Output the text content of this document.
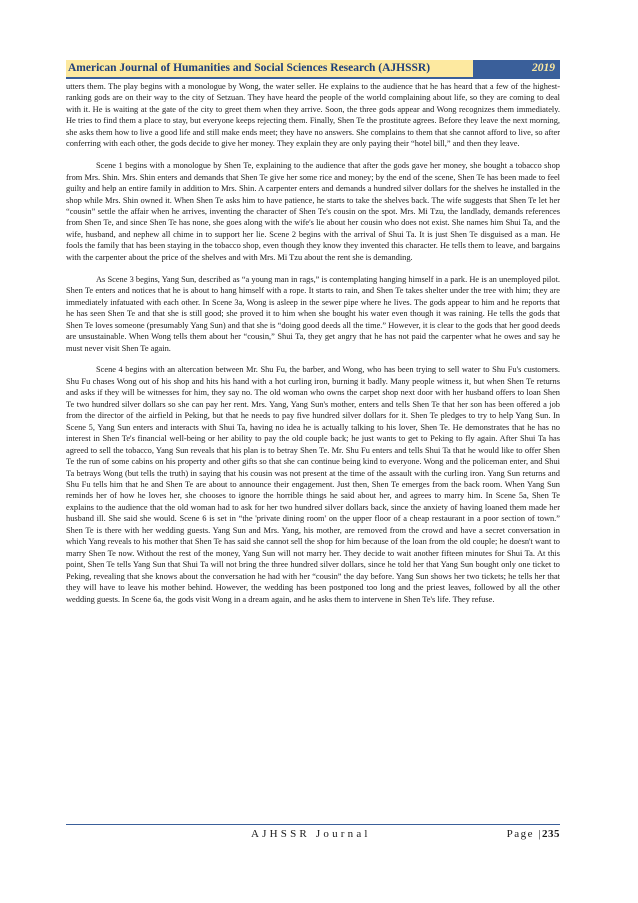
American Journal of Humanities and Social Sciences Research (AJHSSR)	2019

utters them. The play begins with a monologue by Wong, the water seller. He explains to the audience that he has heard that a few of the highest-ranking gods are on their way to the city of Setzuan. They have heard the people of the world complaining about life, so they are coming to deal with it. He is waiting at the gate of the city to greet them when they arrive. Soon, the three gods appear and Wong recognizes them immediately. He tries to find them a place to stay, but everyone keeps rejecting them. Finally, Shen Te the prostitute agrees. Before they leave the next morning, she asks them how to live a good life and still make ends meet; they have no answers. She complains to them that she cannot afford to live, so after conferring with each other, the gods decide to give her money. They explain they are only paying their “hotel bill,” and then they leave.

Scene 1 begins with a monologue by Shen Te, explaining to the audience that after the gods gave her money, she bought a tobacco shop from Mrs. Shin. Mrs. Shin enters and demands that Shen Te give her some rice and money; by the end of the scene, Shen Te has been made to feel guilty and help an entire family in addition to Mrs. Shin. A carpenter enters and demands a hundred silver dollars for the shelves he installed in the shop while Mrs. Shin owned it. When Shen Te asks him to have patience, he starts to take the shelves back. The wife suggests that Shen Te let her “cousin” settle the affair when he arrives, inventing the character of Shen Te's cousin on the spot. Mrs. Mi Tzu, the landlady, demands references from Shen Te, and since Shen Te has none, she goes along with the wife's lie about her cousin who does not exist. She names him Shui Ta, and the wife, husband, and nephew all chime in to support her lie. Scene 2 begins with the arrival of Shui Ta. It is just Shen Te disguised as a man. He fools the family that has been staying in the tobacco shop, even though they know they invented this character. He tells them to leave, and bargains with the carpenter about the price of the shelves and with Mrs. Mi Tzu about the rent she is demanding.

As Scene 3 begins, Yang Sun, described as “a young man in rags,” is contemplating hanging himself in a park. He is an unemployed pilot. Shen Te enters and notices that he is about to hang himself with a rope. It starts to rain, and Shen Te takes shelter under the tree with him; they are immediately infatuated with each other. In Scene 3a, Wong is asleep in the sewer pipe where he lives. The gods appear to him and he reports that he has seen Shen Te and that she is still good; she proved it to him when she bought his water even though it was raining. He tells the gods that Shen Te loves someone (presumably Yang Sun) and that she is “doing good deeds all the time.” However, it is clear to the gods that her good deeds are unsustainable. When Wong tells them about her “cousin,” Shui Ta, they get angry that he has not paid the carpenter what he owes and say he must never visit Shen Te again.

Scene 4 begins with an altercation between Mr. Shu Fu, the barber, and Wong, who has been trying to sell water to Shu Fu's customers. Shu Fu chases Wong out of his shop and hits his hand with a hot curling iron, burning it badly. Many people witness it, but when Shen Te returns and asks if they will be witnesses for him, they say no. The old woman who owns the carpet shop next door with her husband offers to loan Shen Te two hundred silver dollars so she can pay her rent. Mrs. Yang, Yang Sun's mother, enters and tells Shen Te that her son has been offered a job from the director of the airfield in Peking, but that he needs to pay five hundred silver dollars for it. Shen Te pledges to try to help Yang Sun. In Scene 5, Yang Sun enters and interacts with Shui Ta, having no idea he is actually talking to his lover, Shen Te. He demonstrates that he has no interest in Shen Te's financial well-being or her ability to pay the old couple back; he just wants to get to Peking to fly again. After Shui Ta has agreed to sell the tobacco, Yang Sun reveals that his plan is to betray Shen Te. Mr. Shu Fu enters and tells Shui Ta that he would like to offer Shen Te the run of some cabins on his property and other gifts so that she can continue being kind to everyone. Wong and the policeman enter, and Shui Ta betrays Wong (but tells the truth) in saying that his cousin was not present at the time of the assault with the curling iron. Yang Sun returns and Shu Fu tells him that he and Shen Te are about to announce their engagement. Just then, Shen Te emerges from the back room. When Yang Sun reminds her of how he loves her, she chooses to ignore the horrible things he said about her, and agrees to marry him. In Scene 5a, Shen Te explains to the audience that the old woman had to ask for her two hundred silver dollars back, since the anxiety of having loaned them made her husband ill. She said she would. Scene 6 is set in “the 'private dining room' on the upper floor of a cheap restaurant in a poor section of town.” Shen Te is there with her wedding guests. Yang Sun and Mrs. Yang, his mother, are removed from the crowd and have a secret conversation in which Yang reveals to his mother that Shen Te has said she cannot sell the shop for him because of the loan from the old couple; he doesn't want to marry Shen Te now. Without the rest of the money, Yang Sun will not marry her. They decide to wait another fifteen minutes for Shui Ta. At this point, Shen Te tells Yang Sun that Shui Ta will not bring the three hundred silver dollars, since he told her that Yang Sun bought only one ticket to Peking, revealing that she knows about the conversation he had with her “cousin” the day before. Yang Sun shows her two tickets; he tells her that they will have to leave his mother behind. However, the wedding has been postponed too long and the priest leaves, followed by all the other wedding guests. In Scene 6a, the gods visit Wong in a dream again, and he asks them to intervene in Shen Te's life. They refuse.

AJHSSR Journal	Page |235
